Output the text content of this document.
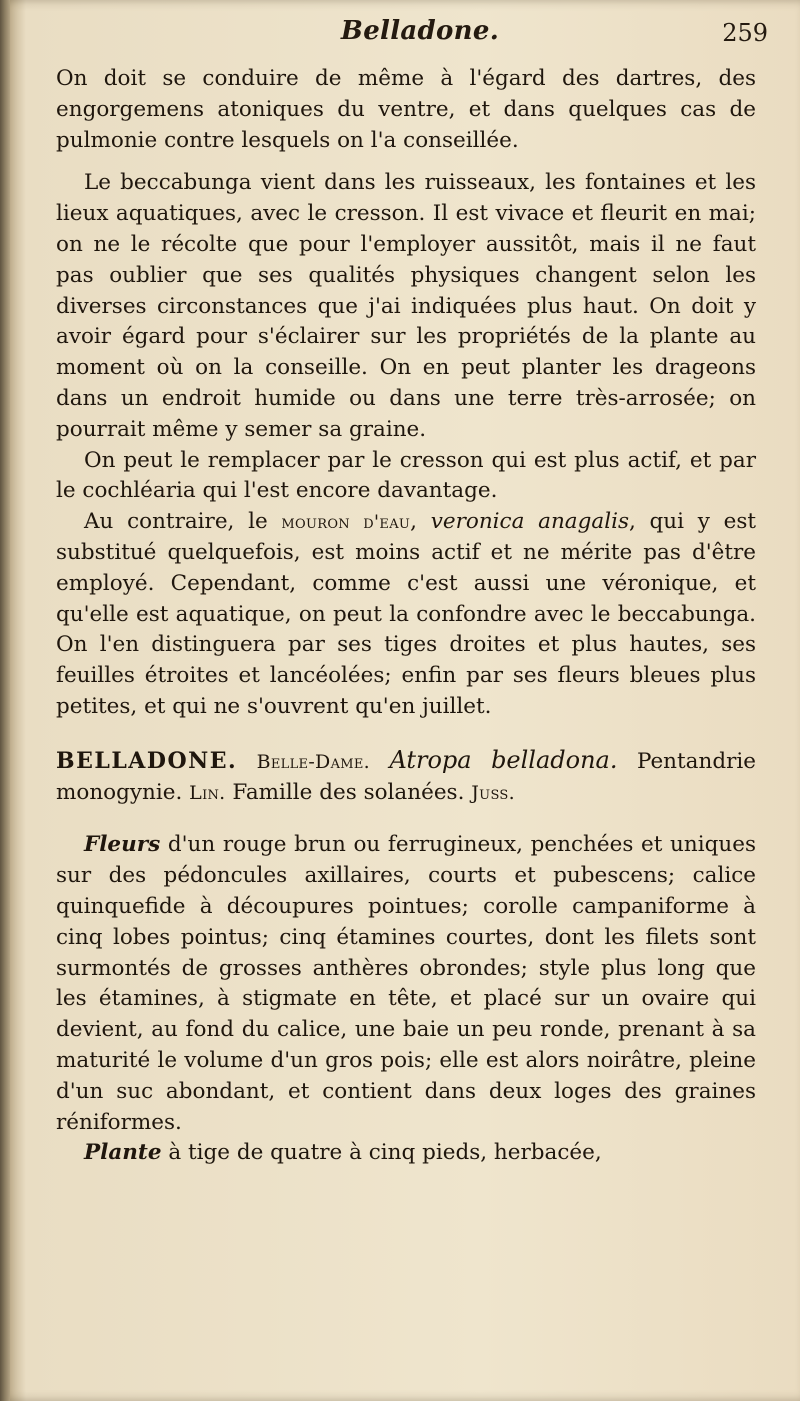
Belladone.	259

On doit se conduire de même à l'égard des dartres, des engorgemens atoniques du ventre, et dans quelques cas de pulmonie contre lesquels on l'a conseillée.

Le beccabunga vient dans les ruisseaux, les fontaines et les lieux aquatiques, avec le cresson. Il est vivace et fleurit en mai; on ne le récolte que pour l'employer aussitôt, mais il ne faut pas oublier que ses qualités physiques changent selon les diverses circonstances que j'ai indiquées plus haut. On doit y avoir égard pour s'éclairer sur les propriétés de la plante au moment où on la conseille. On en peut planter les drageons dans un endroit humide ou dans une terre très-arrosée; on pourrait même y semer sa graine.

On peut le remplacer par le cresson qui est plus actif, et par le cochléaria qui l'est encore davantage.

Au contraire, le mouron d'eau, veronica anagalis, qui y est substitué quelquefois, est moins actif et ne mérite pas d'être employé. Cependant, comme c'est aussi une véronique, et qu'elle est aquatique, on peut la confondre avec le beccabunga. On l'en distinguera par ses tiges droites et plus hautes, ses feuilles étroites et lancéolées; enfin par ses fleurs bleues plus petites, et qui ne s'ouvrent qu'en juillet.

BELLADONE. Belle-Dame. Atropa belladona. Pentandrie monogynie. Lin. Famille des solanées. Juss.

Fleurs d'un rouge brun ou ferrugineux, penchées et uniques sur des pédoncules axillaires, courts et pubescens; calice quinquefide à découpures pointues; corolle campaniforme à cinq lobes pointus; cinq étamines courtes, dont les filets sont surmontés de grosses anthères obrondes; style plus long que les étamines, à stigmate en tête, et placé sur un ovaire qui devient, au fond du calice, une baie un peu ronde, prenant à sa maturité le volume d'un gros pois; elle est alors noirâtre, pleine d'un suc abondant, et contient dans deux loges des graines réniformes.

Plante à tige de quatre à cinq pieds, herbacée,
